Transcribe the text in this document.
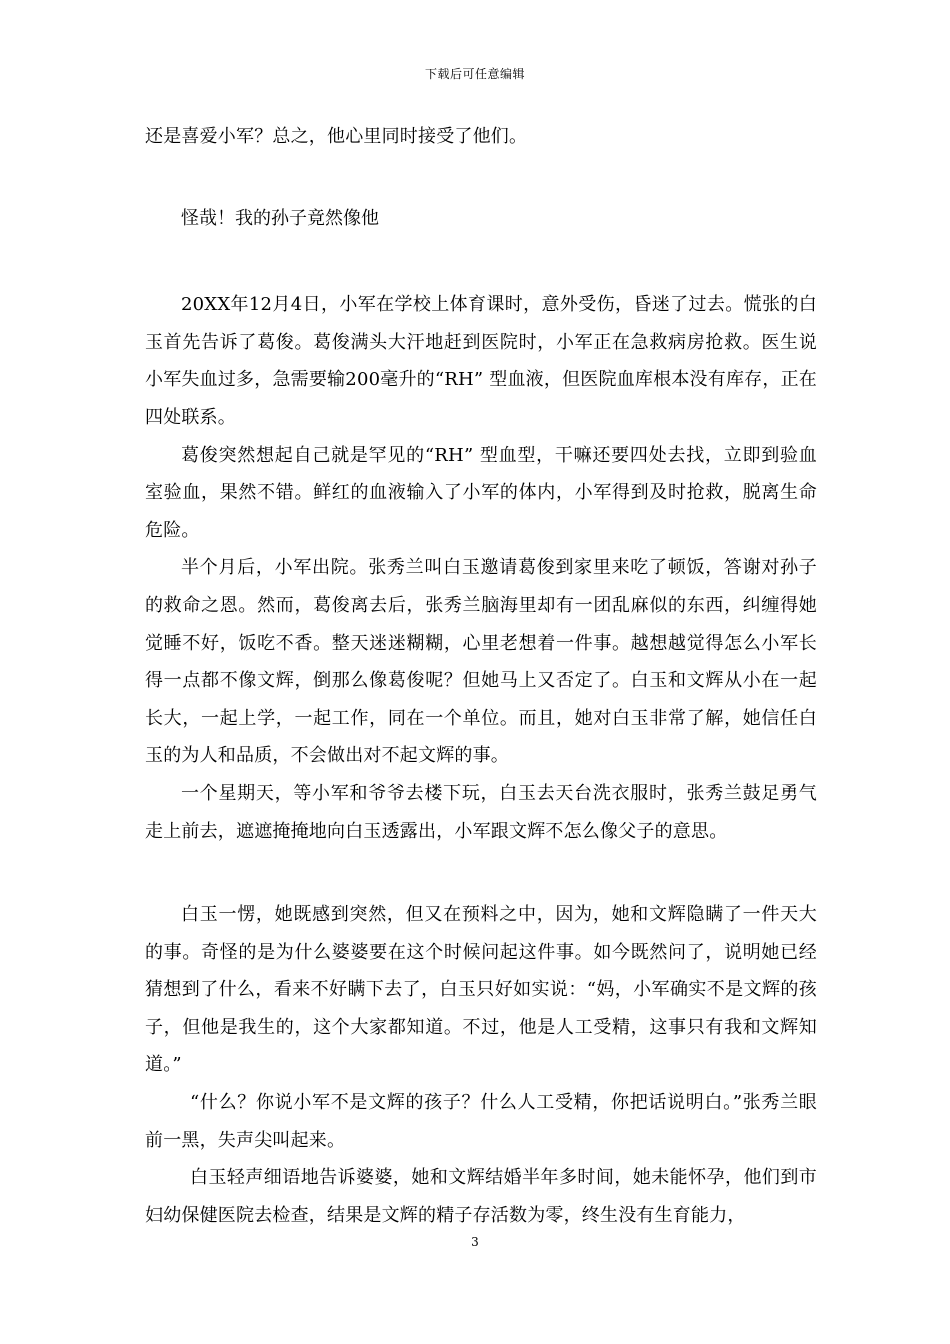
下载后可任意编辑

还是喜爱小军？总之，他心里同时接受了他们。

怪哉！我的孙子竟然像他

20XX年12月4日，小军在学校上体育课时，意外受伤，昏迷了过去。慌张的白玉首先告诉了葛俊。葛俊满头大汗地赶到医院时，小军正在急救病房抢救。医生说小军失血过多，急需要输200毫升的“RH” 型血液，但医院血库根本没有库存，正在四处联系。

葛俊突然想起自己就是罕见的“RH” 型血型，干嘛还要四处去找，立即到验血室验血，果然不错。鲜红的血液输入了小军的体内，小军得到及时抢救，脱离生命危险。

半个月后，小军出院。张秀兰叫白玉邀请葛俊到家里来吃了顿饭，答谢对孙子的救命之恩。然而，葛俊离去后，张秀兰脑海里却有一团乱麻似的东西，纠缠得她觉睡不好，饭吃不香。整天迷迷糊糊，心里老想着一件事。越想越觉得怎么小军长得一点都不像文辉，倒那么像葛俊呢？但她马上又否定了。白玉和文辉从小在一起长大，一起上学，一起工作，同在一个单位。而且，她对白玉非常了解，她信任白玉的为人和品质，不会做出对不起文辉的事。

一个星期天，等小军和爷爷去楼下玩，白玉去天台洗衣服时，张秀兰鼓足勇气走上前去，遮遮掩掩地向白玉透露出，小军跟文辉不怎么像父子的意思。

白玉一愣，她既感到突然，但又在预料之中，因为，她和文辉隐瞒了一件天大的事。奇怪的是为什么婆婆要在这个时候问起这件事。如今既然问了，说明她已经猜想到了什么，看来不好瞒下去了，白玉只好如实说：“妈，小军确实不是文辉的孩子，但他是我生的，这个大家都知道。不过，他是人工受精，这事只有我和文辉知道。”

“什么？你说小军不是文辉的孩子？什么人工受精，你把话说明白。”张秀兰眼前一黑，失声尖叫起来。

白玉轻声细语地告诉婆婆，她和文辉结婚半年多时间，她未能怀孕，他们到市妇幼保健医院去检查，结果是文辉的精子存活数为零，终生没有生育能力，

3
